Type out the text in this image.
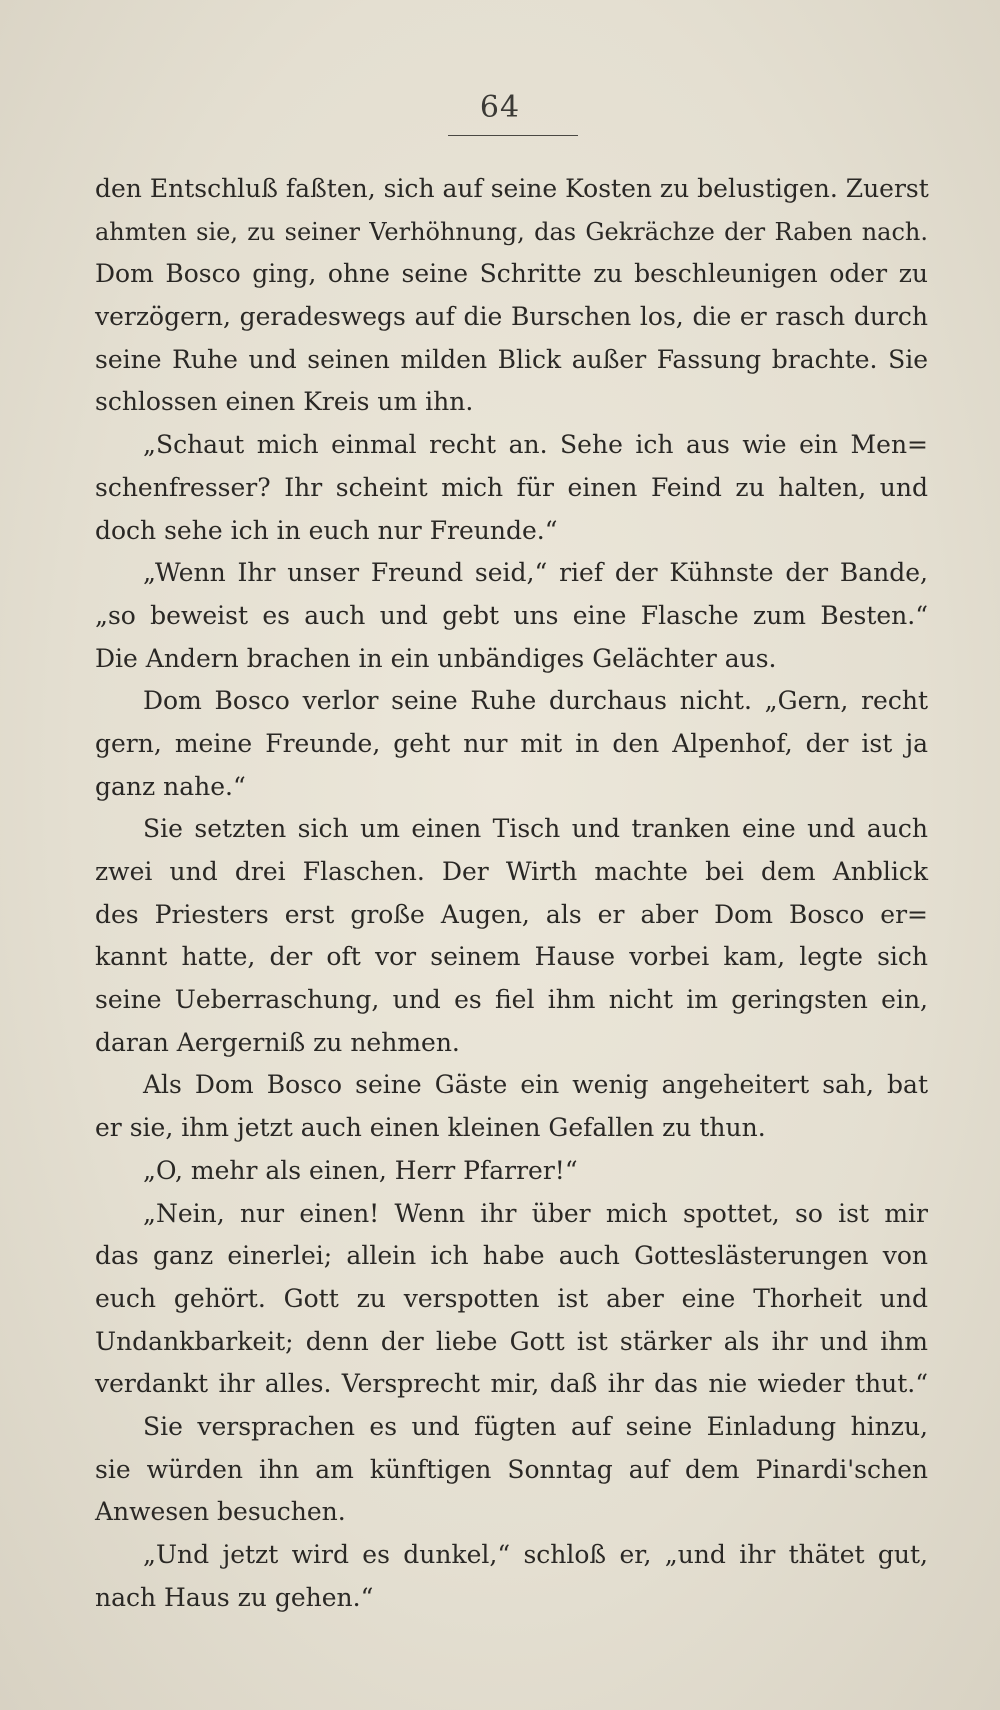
64
den Entschluß faßten, sich auf seine Kosten zu belustigen. Zuerst
ahmten sie, zu seiner Verhöhnung, das Gekrächze der Raben nach.
Dom Bosco ging, ohne seine Schritte zu beschleunigen oder zu
verzögern, geradeswegs auf die Burschen los, die er rasch durch
seine Ruhe und seinen milden Blick außer Fassung brachte. Sie
schlossen einen Kreis um ihn.
„Schaut mich einmal recht an. Sehe ich aus wie ein Men=
schenfresser? Ihr scheint mich für einen Feind zu halten, und
doch sehe ich in euch nur Freunde.“
„Wenn Ihr unser Freund seid,“ rief der Kühnste der Bande,
„so beweist es auch und gebt uns eine Flasche zum Besten.“
Die Andern brachen in ein unbändiges Gelächter aus.
Dom Bosco verlor seine Ruhe durchaus nicht. „Gern, recht
gern, meine Freunde, geht nur mit in den Alpenhof, der ist ja
ganz nahe.“
Sie setzten sich um einen Tisch und tranken eine und auch
zwei und drei Flaschen. Der Wirth machte bei dem Anblick
des Priesters erst große Augen, als er aber Dom Bosco er=
kannt hatte, der oft vor seinem Hause vorbei kam, legte sich
seine Ueberraschung, und es fiel ihm nicht im geringsten ein,
daran Aergerniß zu nehmen.
Als Dom Bosco seine Gäste ein wenig angeheitert sah, bat
er sie, ihm jetzt auch einen kleinen Gefallen zu thun.
„O, mehr als einen, Herr Pfarrer!“
„Nein, nur einen! Wenn ihr über mich spottet, so ist mir
das ganz einerlei; allein ich habe auch Gotteslästerungen von
euch gehört. Gott zu verspotten ist aber eine Thorheit und
Undankbarkeit; denn der liebe Gott ist stärker als ihr und ihm
verdankt ihr alles. Versprecht mir, daß ihr das nie wieder thut.“
Sie versprachen es und fügten auf seine Einladung hinzu,
sie würden ihn am künftigen Sonntag auf dem Pinardi'schen
Anwesen besuchen.
„Und jetzt wird es dunkel,“ schloß er, „und ihr thätet gut,
nach Haus zu gehen.“
